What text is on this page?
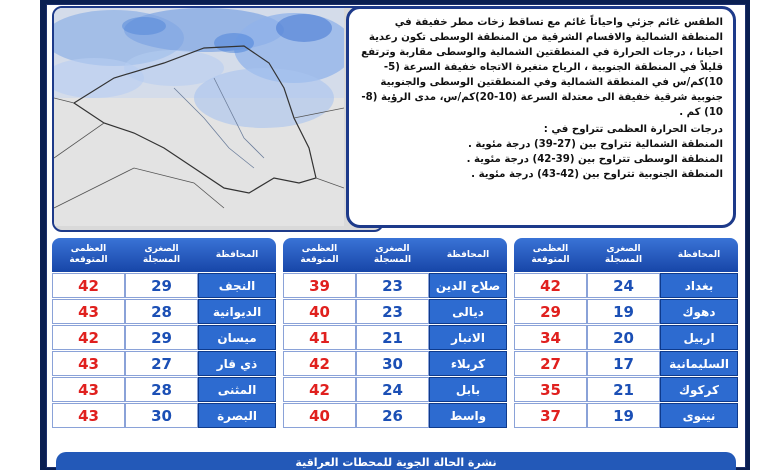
الطقس غائم جزئي واحياناً غائم مع تساقط زخات مطر خفيفة في المنطقة الشمالية والاقسام الشرقية من المنطقة الوسطى تكون رعدية احيانا ، درجات الحرارة في المنطقتين الشمالية والوسطى مقاربة وترتفع قليلاً في المنطقة الجنوبية ، الرياح متغيرة الاتجاه خفيفة السرعة (5-10)كم/س في المنطقة الشمالية وفي المنطقتين الوسطى والجنوبية جنوبية شرقية خفيفة الى معتدلة السرعة (10-20)كم/س، مدى الرؤية (8-10) كم .

درجات الحرارة العظمى تتراوح في :

المنطقة الشمالية تتراوح بين (27-39) درجة مئوية .

المنطقة الوسطى تتراوح بين (39-42) درجة مئوية .

المنطقة الجنوبية تتراوح بين (42-43) درجة مئوية .

المحافظة
الصغرى المسجلة
العظمى المتوقعة
بغداد
24
42
دهوك
19
29
اربيل
20
34
السليمانية
17
27
كركوك
21
35
نينوى
19
37
المحافظة
الصغرى المسجلة
العظمى المتوقعة
صلاح الدين
23
39
ديالى
23
40
الانبار
21
41
كربلاء
30
42
بابل
24
42
واسط
26
40
المحافظة
الصغرى المسجلة
العظمى المتوقعة
النجف
29
42
الديوانية
28
43
ميسان
29
42
ذي قار
27
43
المثنى
28
43
البصرة
30
43
نشرة الحالة الجوية للمحطات العراقية
